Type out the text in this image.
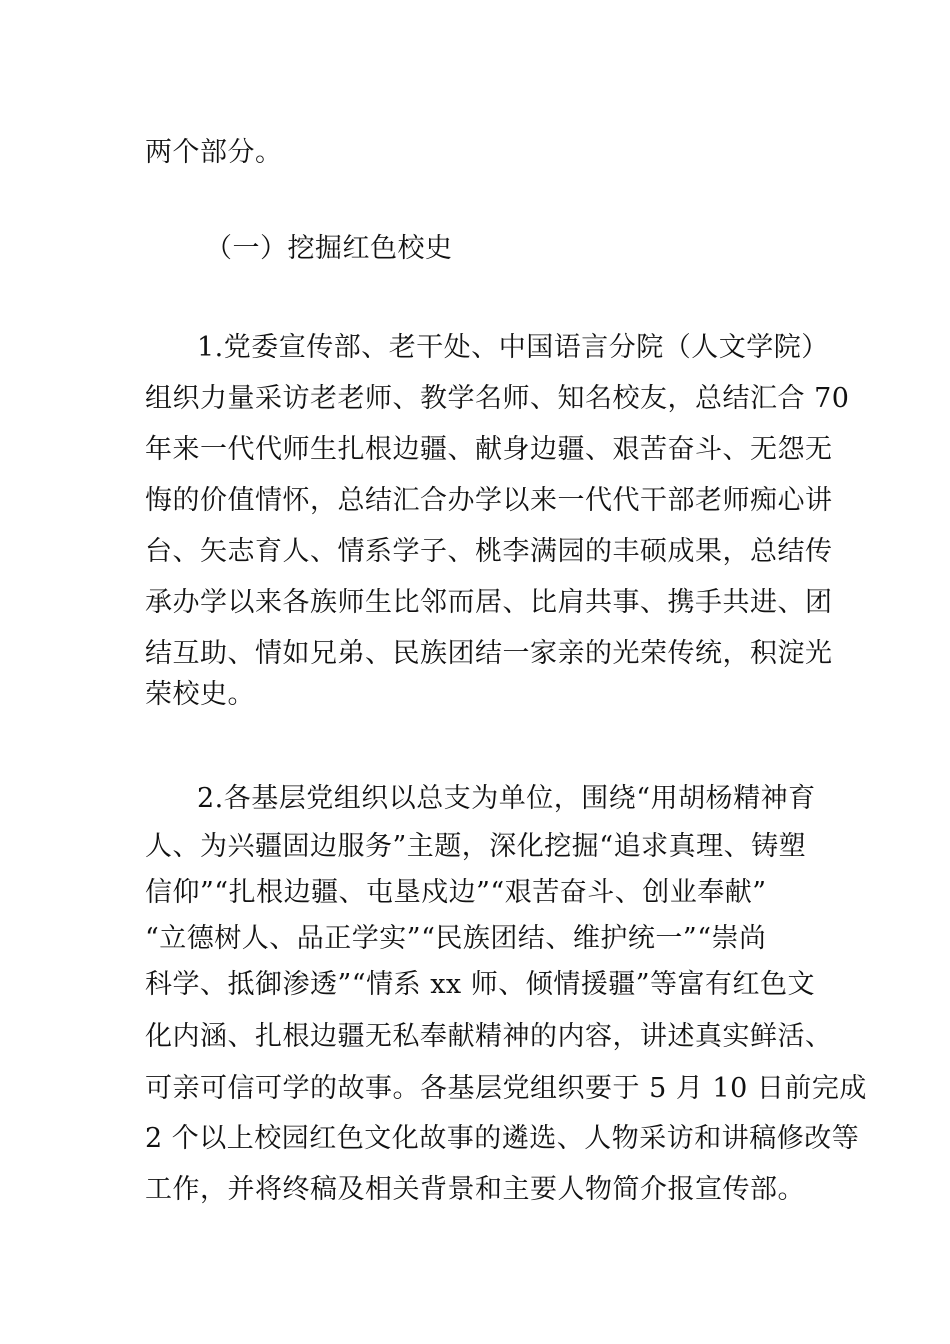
两个部分。

（一）挖掘红色校史

1.党委宣传部、老干处、中国语言分院（人文学院）

组织力量采访老老师、教学名师、知名校友，总结汇合 70

年来一代代师生扎根边疆、献身边疆、艰苦奋斗、无怨无

悔的价值情怀，总结汇合办学以来一代代干部老师痴心讲

台、矢志育人、情系学子、桃李满园的丰硕成果，总结传

承办学以来各族师生比邻而居、比肩共事、携手共进、团

结互助、情如兄弟、民族团结一家亲的光荣传统，积淀光

荣校史。

2.各基层党组织以总支为单位，围绕“用胡杨精神育

人、为兴疆固边服务”主题，深化挖掘“追求真理、铸塑

信仰”“扎根边疆、屯垦戍边”“艰苦奋斗、创业奉献”

“立德树人、品正学实”“民族团结、维护统一”“崇尚

科学、抵御渗透”“情系 xx 师、倾情援疆”等富有红色文

化内涵、扎根边疆无私奉献精神的内容，讲述真实鲜活、

可亲可信可学的故事。各基层党组织要于 5 月 10 日前完成

2 个以上校园红色文化故事的遴选、人物采访和讲稿修改等

工作，并将终稿及相关背景和主要人物简介报宣传部。
